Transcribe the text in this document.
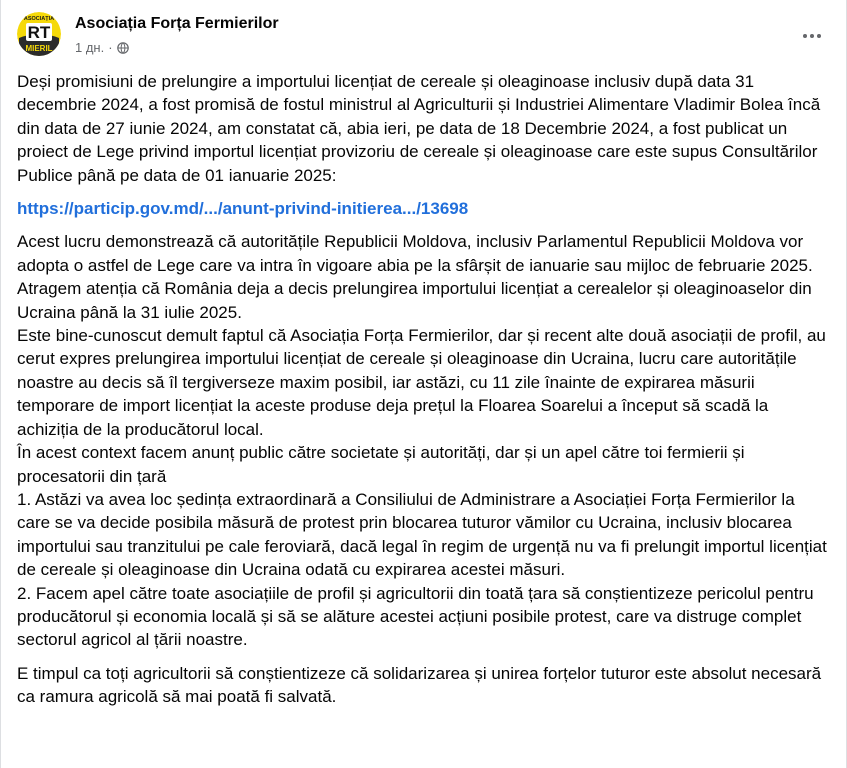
ASOCIAȚIA
RT
MIERIL
Asociația Forța Fermierilor
1 дн. ·

Deși promisiuni de prelungire a importului licențiat de cereale și oleaginoase inclusiv după data 31 decembrie 2024, a fost promisă de fostul ministrul al Agriculturii și Industriei Alimentare Vladimir Bolea încă din data de 27 iunie 2024, am constatat că, abia ieri, pe data de 18 Decembrie 2024, a fost publicat un proiect de Lege privind importul licențiat provizoriu de cereale și oleaginoase care este supus Consultărilor Publice până pe data de 01 ianuarie 2025:

https://particip.gov.md/.../anunt-privind-initierea.../13698

Acest lucru demonstrează că autoritățile Republicii Moldova, inclusiv Parlamentul Republicii Moldova vor adopta o astfel de Lege care va intra în vigoare abia pe la sfârșit de ianuarie sau mijloc de februarie 2025.

Atragem atenția că România deja a decis prelungirea importului licențiat a cerealelor și oleaginoaselor din Ucraina până la 31 iulie 2025.

Este bine-cunoscut demult faptul că Asociația Forța Fermierilor, dar și recent alte două asociații de profil, au cerut expres prelungirea importului licențiat de cereale și oleaginoase din Ucraina, lucru care autoritățile noastre au decis să îl tergiverseze maxim posibil, iar astăzi, cu 11 zile înainte de expirarea măsurii temporare de import licențiat la aceste produse deja prețul la Floarea Soarelui a început să scadă la achiziția de la producătorul local.

În acest context facem anunț public către societate și autorități, dar și un apel către toi fermierii și procesatorii din țară

1. Astăzi va avea loc ședința extraordinară a Consiliului de Administrare a Asociației Forța Fermierilor la care se va decide posibila măsură de protest prin blocarea tuturor vămilor cu Ucraina, inclusiv blocarea importului sau tranzitului pe cale feroviară, dacă legal în regim de urgență nu va fi prelungit importul licențiat de cereale și oleaginoase din Ucraina odată cu expirarea acestei măsuri.

2. Facem apel către toate asociațiile de profil și agricultorii din toată țara să conștientizeze pericolul pentru producătorul și economia locală și să se alăture acestei acțiuni posibile protest, care va distruge complet sectorul agricol al țării noastre.

E timpul ca toți agricultorii să conștientizeze că solidarizarea și unirea forțelor tuturor este absolut necesară ca ramura agricolă să mai poată fi salvată.
